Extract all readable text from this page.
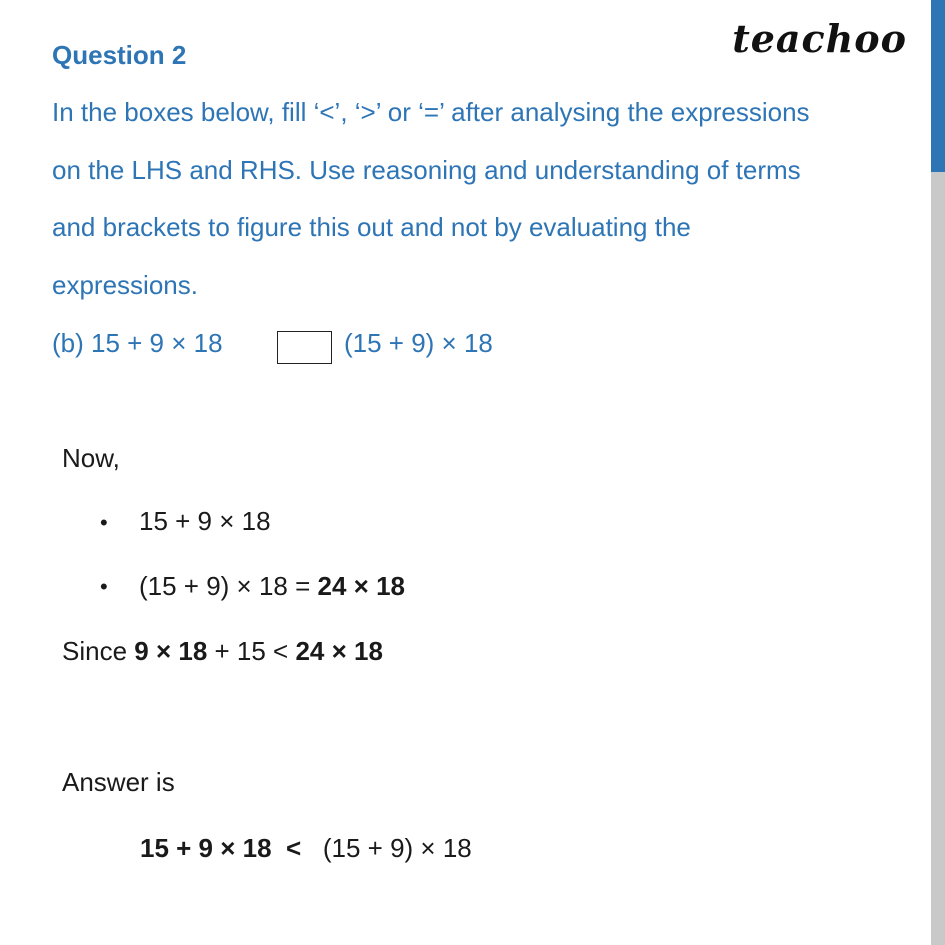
Question 2	teachoo
In the boxes below, fill ‘<’, ‘>’ or ‘=’ after analysing the expressions
on the LHS and RHS. Use reasoning and understanding of terms
and brackets to figure this out and not by evaluating the
expressions.
(b) 15 + 9 × 18	(15 + 9) × 18
Now,
• 15 + 9 × 18
• (15 + 9) × 18 = 24 × 18
Since 9 × 18 + 15 < 24 × 18
Answer is
15 + 9 × 18  <   (15 + 9) × 18
